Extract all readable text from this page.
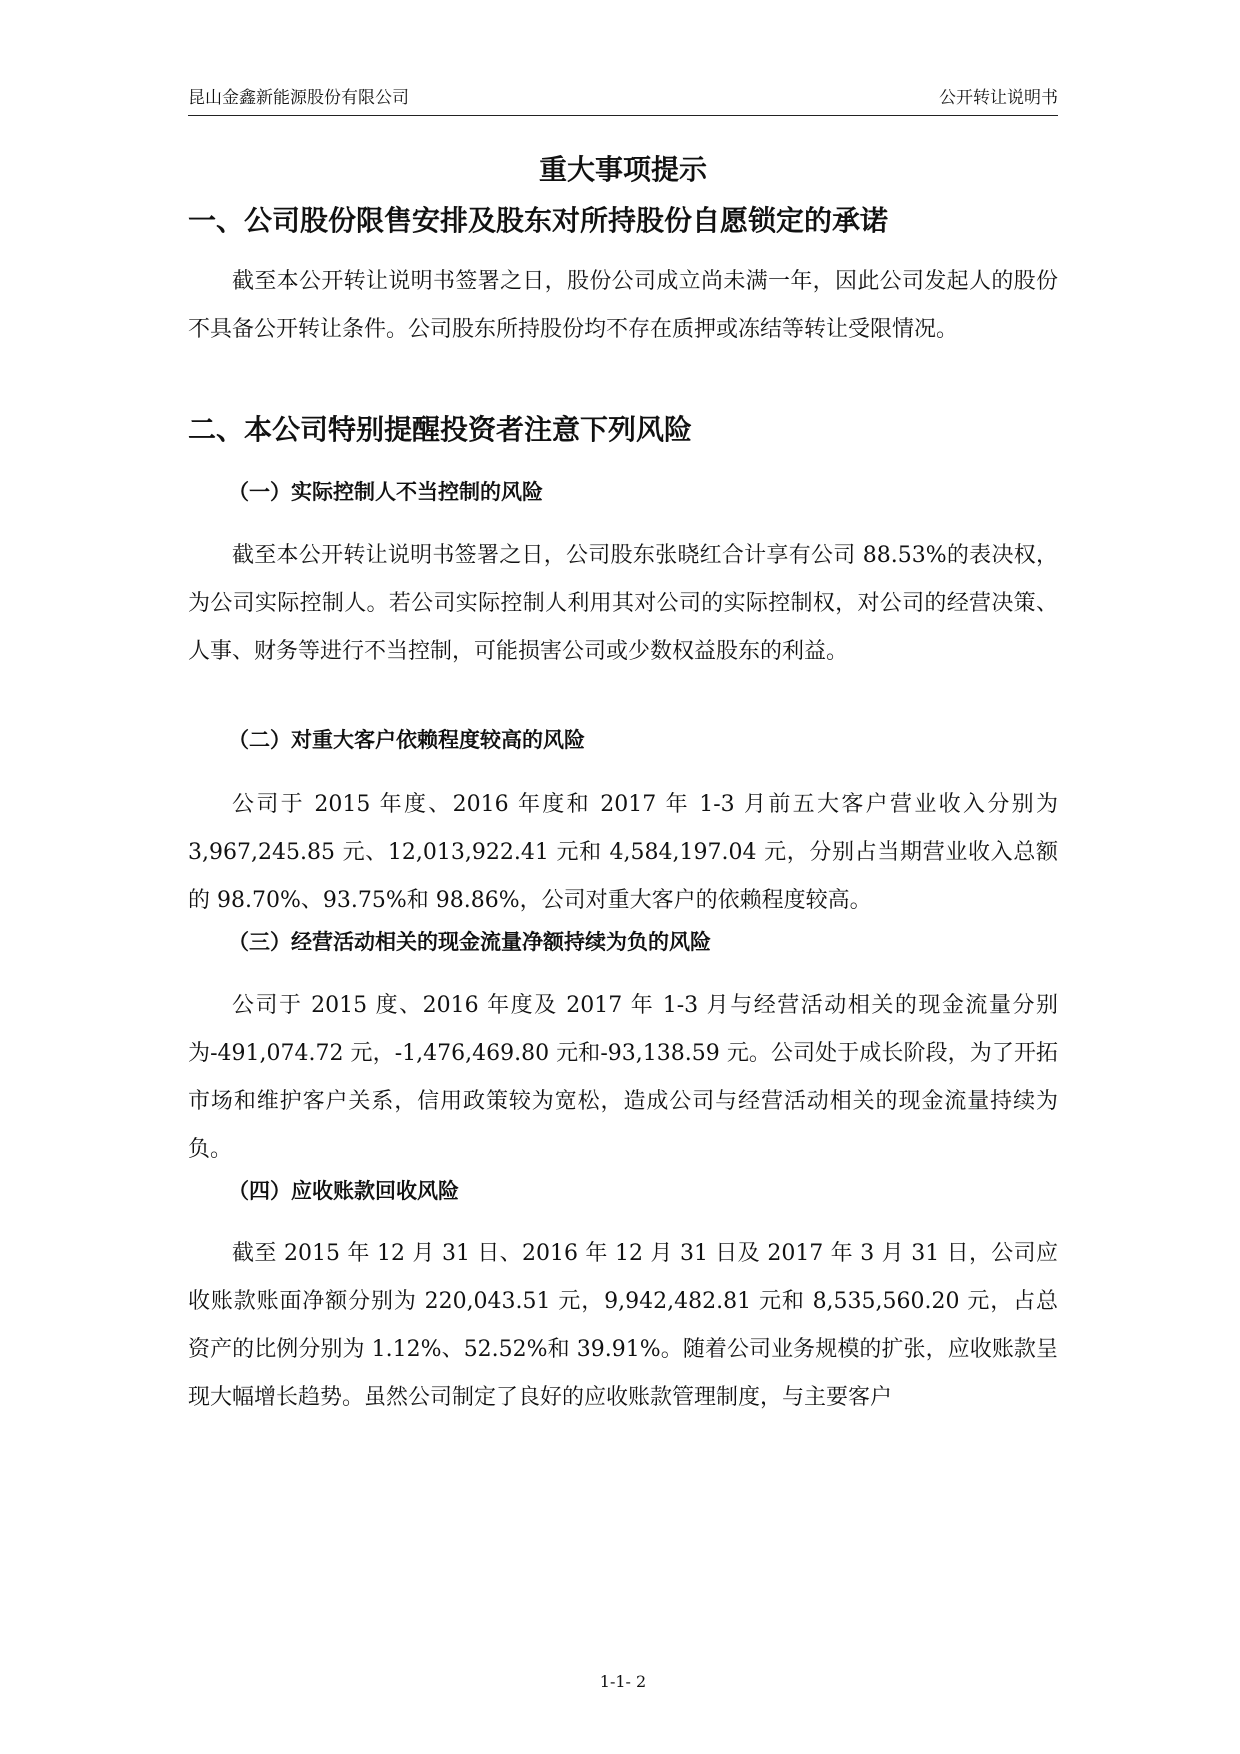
昆山金鑫新能源股份有限公司	公开转让说明书
重大事项提示
一、公司股份限售安排及股东对所持股份自愿锁定的承诺

截至本公开转让说明书签署之日，股份公司成立尚未满一年，因此公司发起人的股份不具备公开转让条件。公司股东所持股份均不存在质押或冻结等转让受限情况。

二、本公司特别提醒投资者注意下列风险
（一）实际控制人不当控制的风险

截至本公开转让说明书签署之日，公司股东张晓红合计享有公司 88.53%的表决权，为公司实际控制人。若公司实际控制人利用其对公司的实际控制权，对公司的经营决策、人事、财务等进行不当控制，可能损害公司或少数权益股东的利益。

（二）对重大客户依赖程度较高的风险

公司于 2015 年度、2016 年度和 2017 年 1-3 月前五大客户营业收入分别为3,967,245.85 元、12,013,922.41 元和 4,584,197.04 元，分别占当期营业收入总额的 98.70%、93.75%和 98.86%，公司对重大客户的依赖程度较高。

（三）经营活动相关的现金流量净额持续为负的风险

公司于 2015 度、2016 年度及 2017 年 1-3 月与经营活动相关的现金流量分别为-491,074.72 元，-1,476,469.80 元和-93,138.59 元。公司处于成长阶段，为了开拓市场和维护客户关系，信用政策较为宽松，造成公司与经营活动相关的现金流量持续为负。

（四）应收账款回收风险

截至 2015 年 12 月 31 日、2016 年 12 月 31 日及 2017 年 3 月 31 日，公司应收账款账面净额分别为 220,043.51 元，9,942,482.81 元和 8,535,560.20 元，占总资产的比例分别为 1.12%、52.52%和 39.91%。随着公司业务规模的扩张，应收账款呈现大幅增长趋势。虽然公司制定了良好的应收账款管理制度，与主要客户

1-1- 2
